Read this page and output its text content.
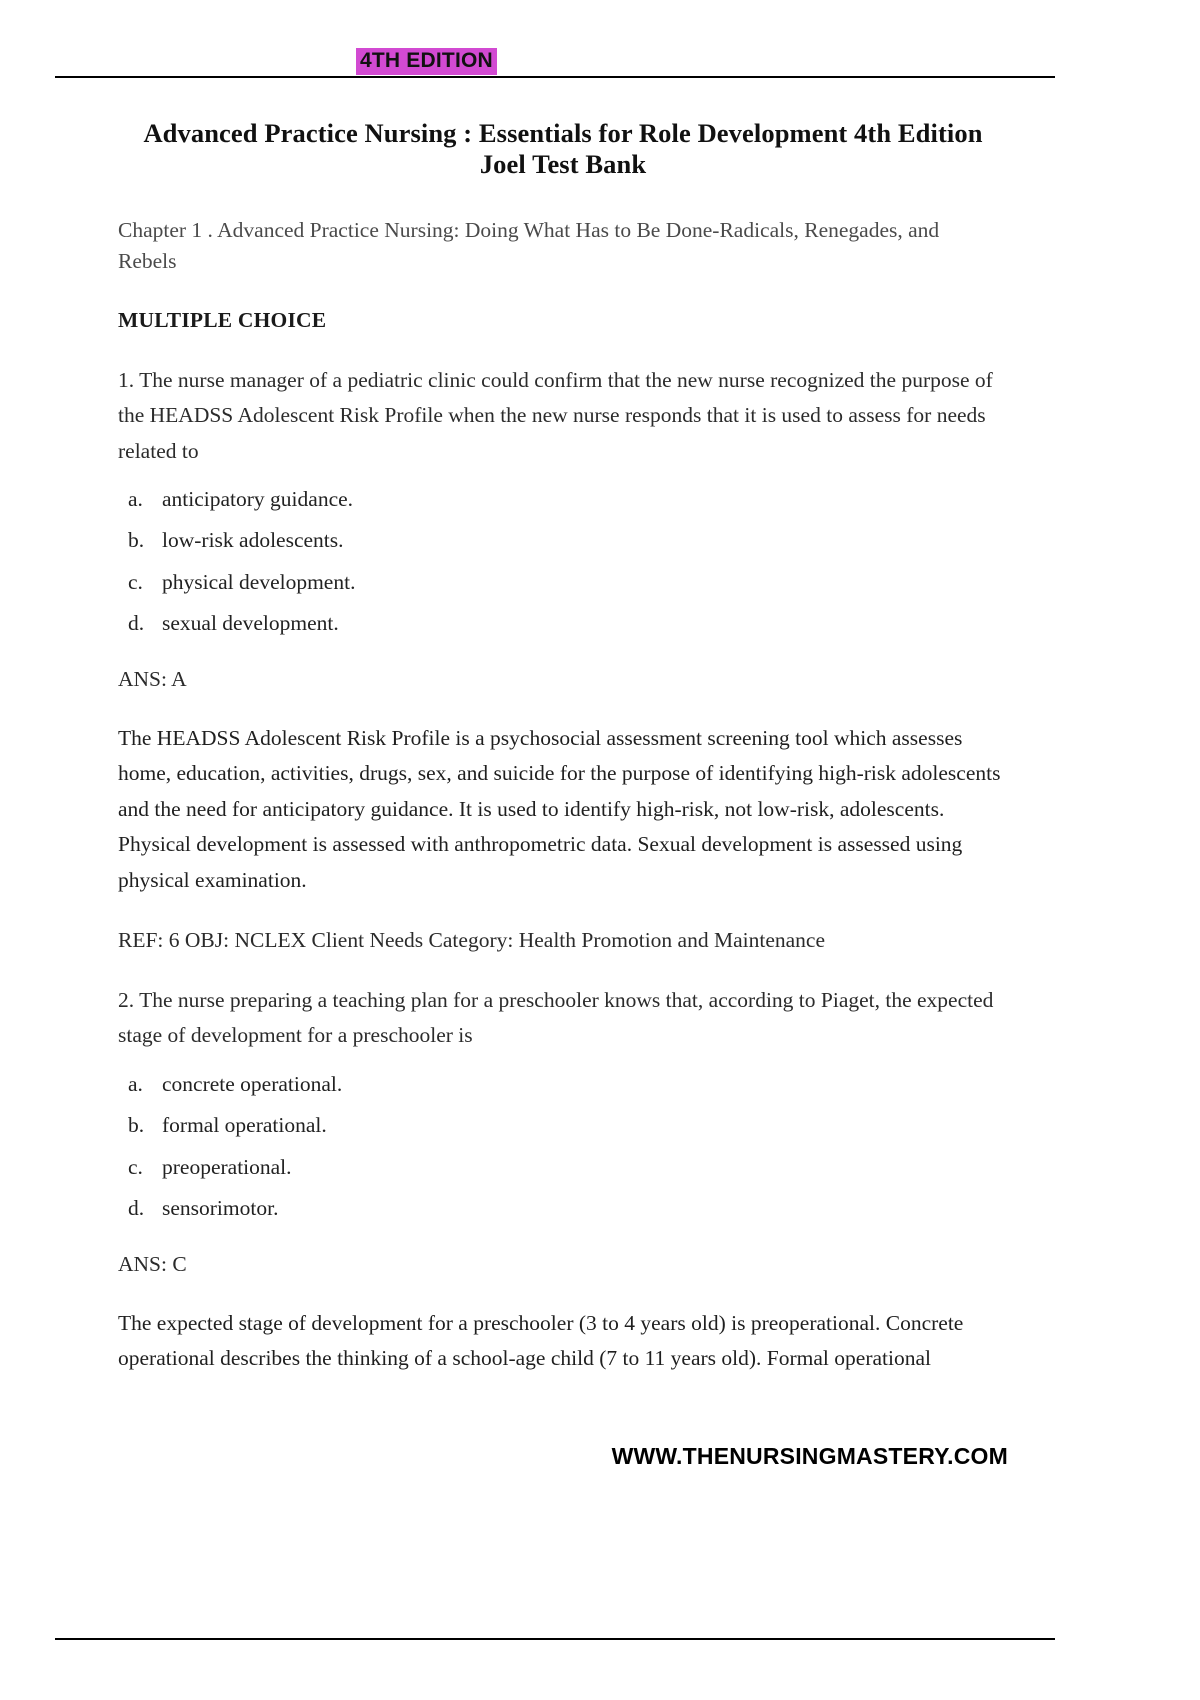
4TH EDITION
Advanced Practice Nursing : Essentials for Role Development 4th Edition Joel Test Bank

Chapter 1 . Advanced Practice Nursing: Doing What Has to Be Done-Radicals, Renegades, and Rebels

MULTIPLE CHOICE

1. The nurse manager of a pediatric clinic could confirm that the new nurse recognized the purpose of the HEADSS Adolescent Risk Profile when the new nurse responds that it is used to assess for needs related to

a. anticipatory guidance.
b. low-risk adolescents.
c. physical development.
d. sexual development.

ANS: A

The HEADSS Adolescent Risk Profile is a psychosocial assessment screening tool which assesses home, education, activities, drugs, sex, and suicide for the purpose of identifying high-risk adolescents and the need for anticipatory guidance. It is used to identify high-risk, not low-risk, adolescents. Physical development is assessed with anthropometric data. Sexual development is assessed using physical examination.

REF: 6 OBJ: NCLEX Client Needs Category: Health Promotion and Maintenance

2. The nurse preparing a teaching plan for a preschooler knows that, according to Piaget, the expected stage of development for a preschooler is

a. concrete operational.
b. formal operational.
c. preoperational.
d. sensorimotor.

ANS: C

The expected stage of development for a preschooler (3 to 4 years old) is preoperational. Concrete operational describes the thinking of a school-age child (7 to 11 years old). Formal operational

WWW.THENURSINGMASTERY.COM
